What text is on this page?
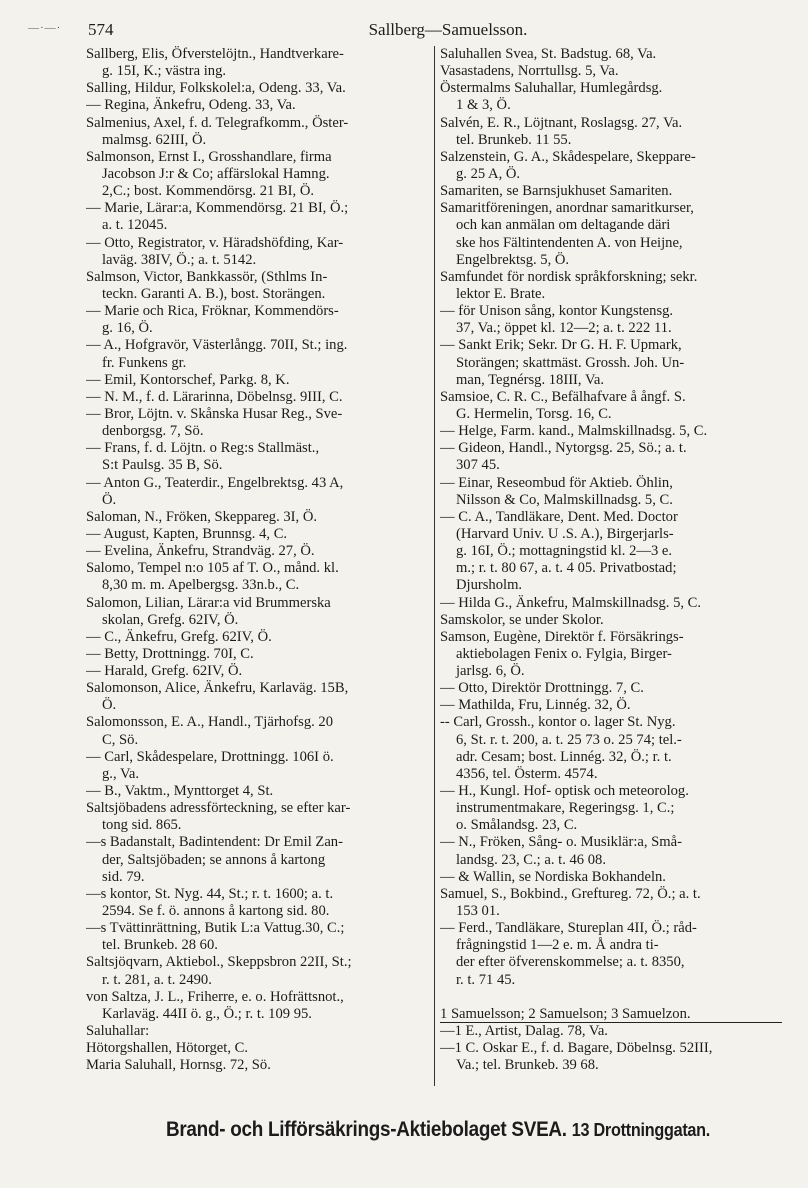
—·—· 574	Sallberg—Samuelsson.
Sallberg, Elis, Öfverstelöjtn., Handtverkare-
g. 15I, K.; västra ing.
Salling, Hildur, Folkskolel:a, Odeng. 33, Va.
— Regina, Änkefru, Odeng. 33, Va.
Salmenius, Axel, f. d. Telegrafkomm., Öster-
malmsg. 62III, Ö.
Salmonson, Ernst I., Grosshandlare, firma
Jacobson J:r & Co; affärslokal Hamng.
2,C.; bost. Kommendörsg. 21 BI, Ö.
— Marie, Lärar:a, Kommendörsg. 21 BI, Ö.;
a. t. 12045.
— Otto, Registrator, v. Häradshöfding, Kar-
laväg. 38IV, Ö.; a. t. 5142.
Salmson, Victor, Bankkassör, (Sthlms In-
teckn. Garanti A. B.), bost. Storängen.
— Marie och Rica, Fröknar, Kommendörs-
g. 16, Ö.
— A., Hofgravör, Västerlångg. 70II, St.; ing.
fr. Funkens gr.
— Emil, Kontorschef, Parkg. 8, K.
— N. M., f. d. Lärarinna, Döbelnsg. 9III, C.
— Bror, Löjtn. v. Skånska Husar Reg., Sve-
denborgsg. 7, Sö.
— Frans, f. d. Löjtn. o Reg:s Stallmäst.,
S:t Paulsg. 35 B, Sö.
— Anton G., Teaterdir., Engelbrektsg. 43 A,
Ö.
Saloman, N., Fröken, Skeppareg. 3I, Ö.
— August, Kapten, Brunnsg. 4, C.
— Evelina, Änkefru, Strandväg. 27, Ö.
Salomo, Tempel n:o 105 af T. O., månd. kl.
8,30 m. m. Apelbergsg. 33n.b., C.
Salomon, Lilian, Lärar:a vid Brummerska
skolan, Grefg. 62IV, Ö.
— C., Änkefru, Grefg. 62IV, Ö.
— Betty, Drottningg. 70I, C.
— Harald, Grefg. 62IV, Ö.
Salomonson, Alice, Änkefru, Karlaväg. 15B,
Ö.
Salomonsson, E. A., Handl., Tjärhofsg. 20
C, Sö.
— Carl, Skådespelare, Drottningg. 106I ö.
g., Va.
— B., Vaktm., Mynttorget 4, St.
Saltsjöbadens adressförteckning, se efter kar-
tong sid. 865.
—s Badanstalt, Badintendent: Dr Emil Zan-
der, Saltsjöbaden; se annons å kartong
sid. 79.
—s kontor, St. Nyg. 44, St.; r. t. 1600; a. t.
2594. Se f. ö. annons å kartong sid. 80.
—s Tvättinrättning, Butik L:a Vattug.30, C.;
tel. Brunkeb. 28 60.
Saltsjöqvarn, Aktiebol., Skeppsbron 22II, St.;
r. t. 281, a. t. 2490.
von Saltza, J. L., Friherre, e. o. Hofrättsnot.,
Karlaväg. 44II ö. g., Ö.; r. t. 109 95.
Saluhallar:
Hötorgshallen, Hötorget, C.
Maria Saluhall, Hornsg. 72, Sö.
Saluhallen Svea, St. Badstug. 68, Va.
Vasastadens, Norrtullsg. 5, Va.
Östermalms Saluhallar, Humlegårdsg.
1 & 3, Ö.
Salvén, E. R., Löjtnant, Roslagsg. 27, Va.
tel. Brunkeb. 11 55.
Salzenstein, G. A., Skådespelare, Skeppare-
g. 25 A, Ö.
Samariten, se Barnsjukhuset Samariten.
Samaritföreningen, anordnar samaritkurser,
och kan anmälan om deltagande däri
ske hos Fältintendenten A. von Heijne,
Engelbrektsg. 5, Ö.
Samfundet för nordisk språkforskning; sekr.
lektor E. Brate.
— för Unison sång, kontor Kungstensg.
37, Va.; öppet kl. 12—2; a. t. 222 11.
— Sankt Erik; Sekr. Dr G. H. F. Upmark,
Storängen; skattmäst. Grossh. Joh. Un-
man, Tegnérsg. 18III, Va.
Samsioe, C. R. C., Befälhafvare å ångf. S.
G. Hermelin, Torsg. 16, C.
— Helge, Farm. kand., Malmskillnadsg. 5, C.
— Gideon, Handl., Nytorgsg. 25, Sö.; a. t.
307 45.
— Einar, Reseombud för Aktieb. Öhlin,
Nilsson & Co, Malmskillnadsg. 5, C.
— C. A., Tandläkare, Dent. Med. Doctor
(Harvard Univ. U .S. A.), Birgerjarls-
g. 16I, Ö.; mottagningstid kl. 2—3 e.
m.; r. t. 80 67, a. t. 4 05. Privatbostad;
Djursholm.
— Hilda G., Änkefru, Malmskillnadsg. 5, C.
Samskolor, se under Skolor.
Samson, Eugène, Direktör f. Försäkrings-
aktiebolagen Fenix o. Fylgia, Birger-
jarlsg. 6, Ö.
— Otto, Direktör Drottningg. 7, C.
— Mathilda, Fru, Linnég. 32, Ö.
-- Carl, Grossh., kontor o. lager St. Nyg.
6, St. r. t. 200, a. t. 25 73 o. 25 74; tel.-
adr. Cesam; bost. Linnég. 32, Ö.; r. t.
4356, tel. Österm. 4574.
— H., Kungl. Hof- optisk och meteorolog.
instrumentmakare, Regeringsg. 1, C.;
o. Smålandsg. 23, C.
— N., Fröken, Sång- o. Musiklär:a, Små-
landsg. 23, C.; a. t. 46 08.
— & Wallin, se Nordiska Bokhandeln.
Samuel, S., Bokbind., Greftureg. 72, Ö.; a. t.
153 01.
— Ferd., Tandläkare, Stureplan 4II, Ö.; råd-
frågningstid 1—2 e. m. Å andra ti-
der efter öfverenskommelse; a. t. 8350,
r. t. 71 45.
1 Samuelsson; 2 Samuelson; 3 Samuelzon.
—1 E., Artist, Dalag. 78, Va.
—1 C. Oskar E., f. d. Bagare, Döbelnsg. 52III,
Va.; tel. Brunkeb. 39 68.
Brand- och Lifförsäkrings-Aktiebolaget SVEA. 13 Drottninggatan.
